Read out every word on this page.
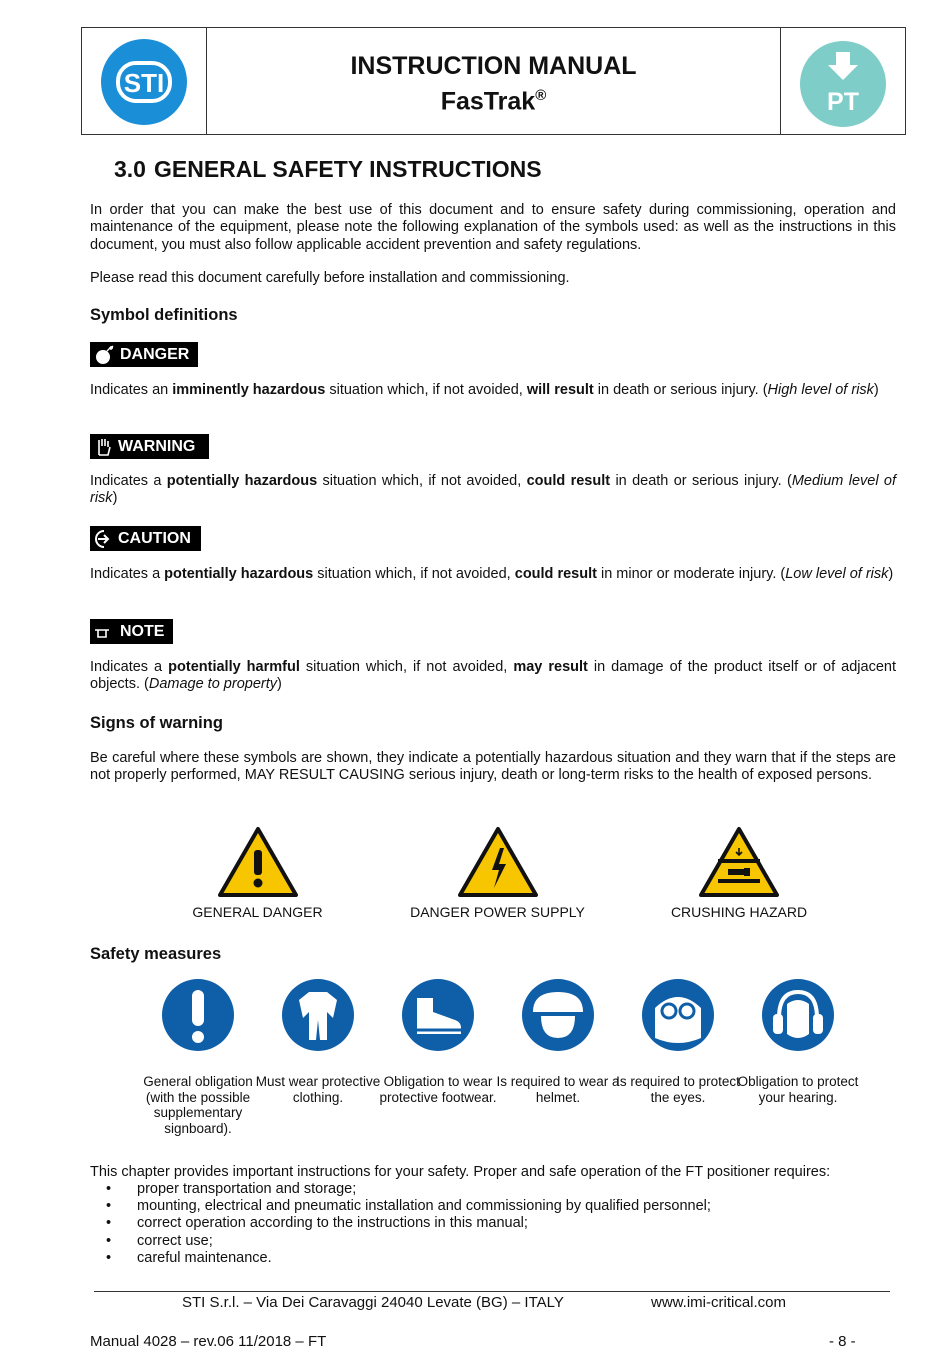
STI
INSTRUCTION MANUAL
FasTrak®	PT
3.0 GENERAL SAFETY INSTRUCTIONS

In order that you can make the best use of this document and to ensure safety during commissioning, operation and maintenance of the equipment, please note the following explanation of the symbols used: as well as the instructions in this document, you must also follow applicable accident prevention and safety regulations.

Please read this document carefully before installation and commissioning.

Symbol definitions
DANGER

Indicates an imminently hazardous situation which, if not avoided, will result in death or serious injury. (High level of risk)

WARNING

Indicates a potentially hazardous situation which, if not avoided, could result in death or serious injury. (Medium level of risk)

CAUTION

Indicates a potentially hazardous situation which, if not avoided, could result in minor or moderate injury. (Low level of risk)

NOTE

Indicates a potentially harmful situation which, if not avoided, may result in damage of the product itself or of adjacent objects. (Damage to property)

Signs of warning

Be careful where these symbols are shown, they indicate a potentially hazardous situation and they warn that if the steps are not properly performed, MAY RESULT CAUSING serious injury, death or long-term risks to the health of exposed persons.

GENERAL DANGER	DANGER POWER SUPPLY	CRUSHING HAZARD
Safety measures
General obligation (with the possible supplementary signboard).
Must wear protective clothing.
Obligation to wear protective footwear.
Is required to wear a helmet.
Is required to protect the eyes.
Obligation to protect your hearing.

This chapter provides important instructions for your safety. Proper and safe operation of the FT positioner requires:

• proper transportation and storage;
• mounting, electrical and pneumatic installation and commissioning by qualified personnel;
• correct operation according to the instructions in this manual;
• correct use;
• careful maintenance.
STI S.r.l. – Via Dei Caravaggi 24040 Levate (BG) – ITALY	www.imi-critical.com
Manual 4028 – rev.06 11/2018 – FT	- 8 -
